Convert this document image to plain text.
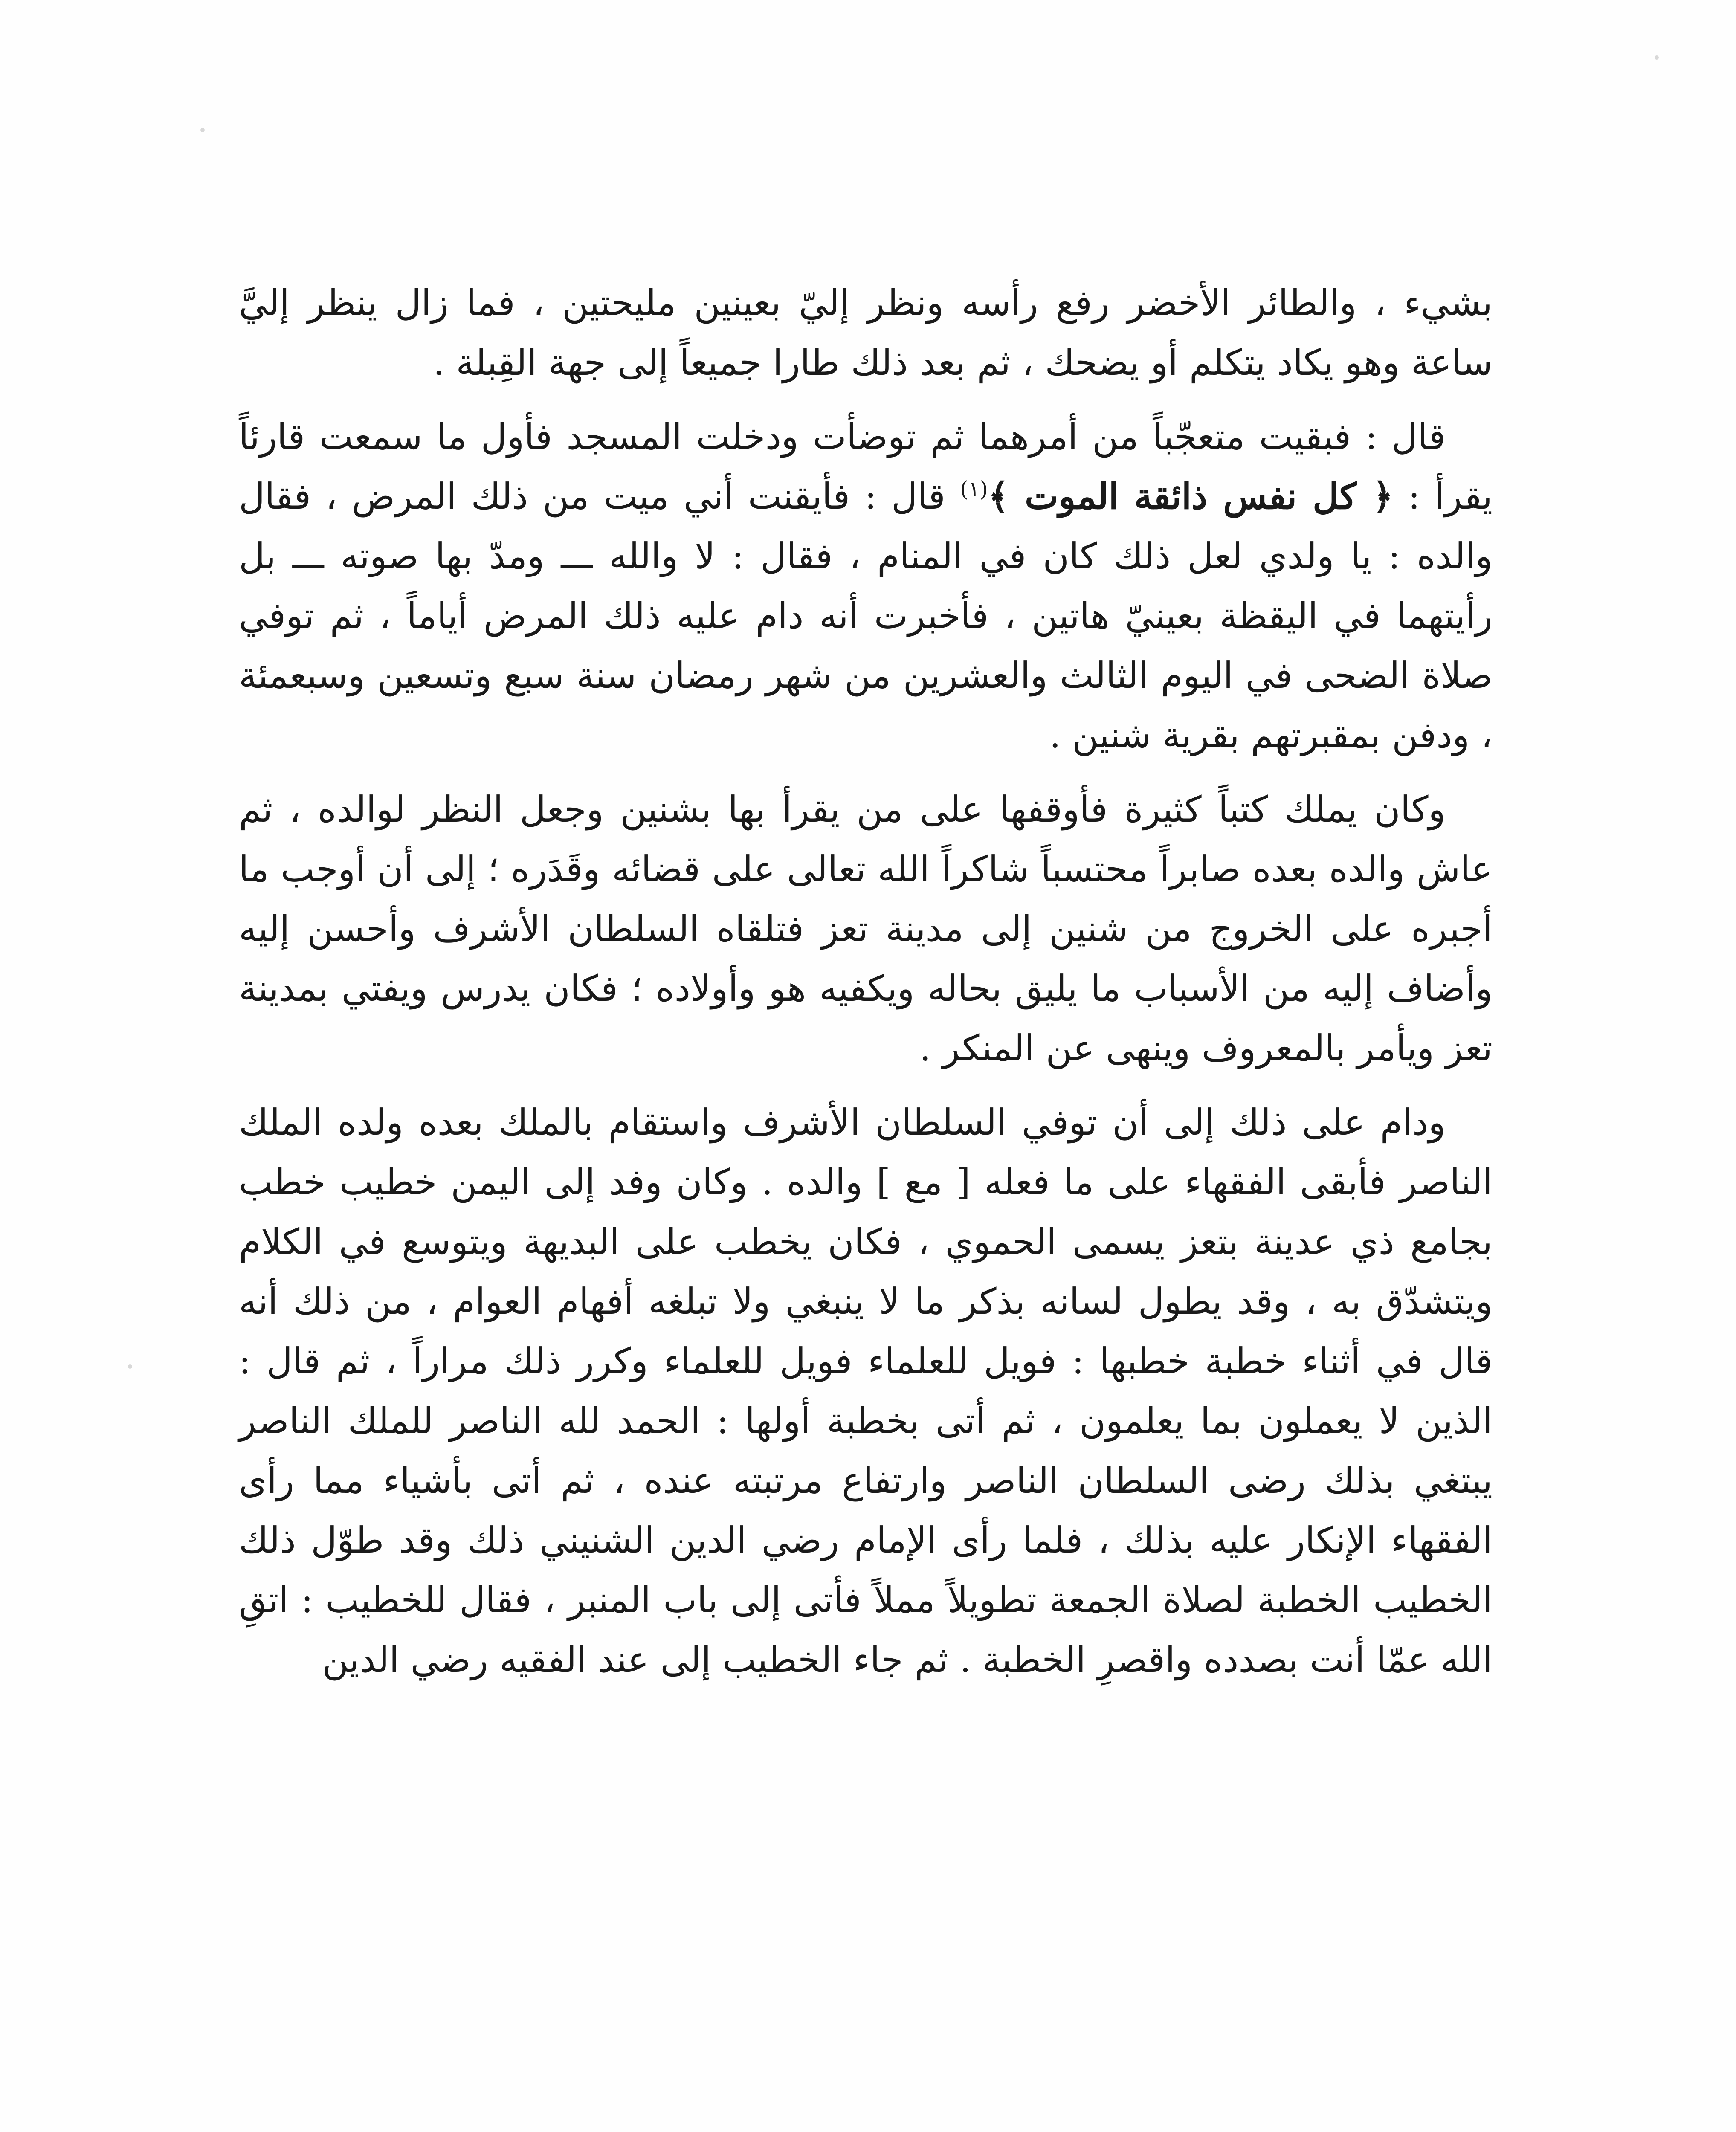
بشيء ، والطائر الأخضر رفع رأسه ونظر إليّ بعينين مليحتين ، فما زال ينظر إليَّ ساعة وهو يكاد يتكلم أو يضحك ، ثم بعد ذلك طارا جميعاً إلى جهة القِبلة .

قال : فبقيت متعجّباً من أمرهما ثم توضأت ودخلت المسجد فأول ما سمعت قارئاً يقرأ : ﴿ كل نفس ذائقة الموت ﴾$^{(١)}$ قال : فأيقنت أني ميت من ذلك المرض ، فقال والده : يا ولدي لعل ذلك كان في المنام ، فقال : لا والله ـــ ومدّ بها صوته ـــ بل رأيتهما في اليقظة بعينيّ هاتين ، فأخبرت أنه دام عليه ذلك المرض أياماً ، ثم توفي صلاة الضحى في اليوم الثالث والعشرين من شهر رمضان سنة سبع وتسعين وسبعمئة ، ودفن بمقبرتهم بقرية شنين .

وكان يملك كتباً كثيرة فأوقفها على من يقرأ بها بشنين وجعل النظر لوالده ، ثم عاش والده بعده صابراً محتسباً شاكراً الله تعالى على قضائه وقَدَره ؛ إلى أن أوجب ما أجبره على الخروج من شنين إلى مدينة تعز فتلقاه السلطان الأشرف وأحسن إليه وأضاف إليه من الأسباب ما يليق بحاله ويكفيه هو وأولاده ؛ فكان يدرس ويفتي بمدينة تعز ويأمر بالمعروف وينهى عن المنكر .

ودام على ذلك إلى أن توفي السلطان الأشرف واستقام بالملك بعده ولده الملك الناصر فأبقى الفقهاء على ما فعله [ مع ] والده . وكان وفد إلى اليمن خطيب خطب بجامع ذي عدينة بتعز يسمى الحموي ، فكان يخطب على البديهة ويتوسع في الكلام ويتشدّق به ، وقد يطول لسانه بذكر ما لا ينبغي ولا تبلغه أفهام العوام ، من ذلك أنه قال في أثناء خطبة خطبها : فويل للعلماء فويل للعلماء وكرر ذلك مراراً ، ثم قال : الذين لا يعملون بما يعلمون ، ثم أتى بخطبة أولها : الحمد لله الناصر للملك الناصر يبتغي بذلك رضى السلطان الناصر وارتفاع مرتبته عنده ، ثم أتى بأشياء مما رأى الفقهاء الإنكار عليه بذلك ، فلما رأى الإمام رضي الدين الشنيني ذلك وقد طوّل ذلك الخطيب الخطبة لصلاة الجمعة تطويلاً مملاً فأتى إلى باب المنبر ، فقال للخطيب : اتقِ الله عمّا أنت بصدده واقصرِ الخطبة . ثم جاء الخطيب إلى عند الفقيه رضي الدين
